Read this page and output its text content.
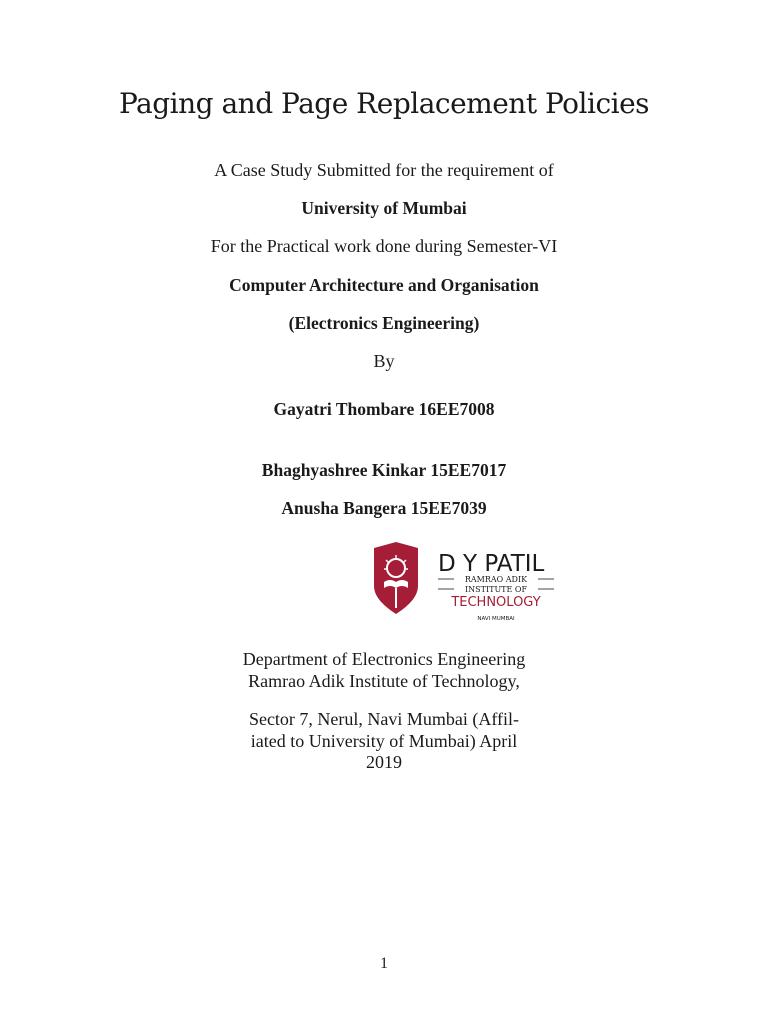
Paging and Page Replacement Policies
A Case Study Submitted for the requirement of
University of Mumbai
For the Practical work done during Semester-VI
Computer Architecture and Organisation
(Electronics Engineering)
By
Gayatri Thombare 16EE7008
Bhaghyashree Kinkar 15EE7017
Anusha Bangera 15EE7039
D Y PATIL
RAMRAO ADIK
INSTITUTE OF
TECHNOLOGY
NAVI MUMBAI
Department of Electronics Engineering
Ramrao Adik Institute of Technology,
Sector 7, Nerul, Navi Mumbai (Affil-
iated to University of Mumbai) April
2019
1
